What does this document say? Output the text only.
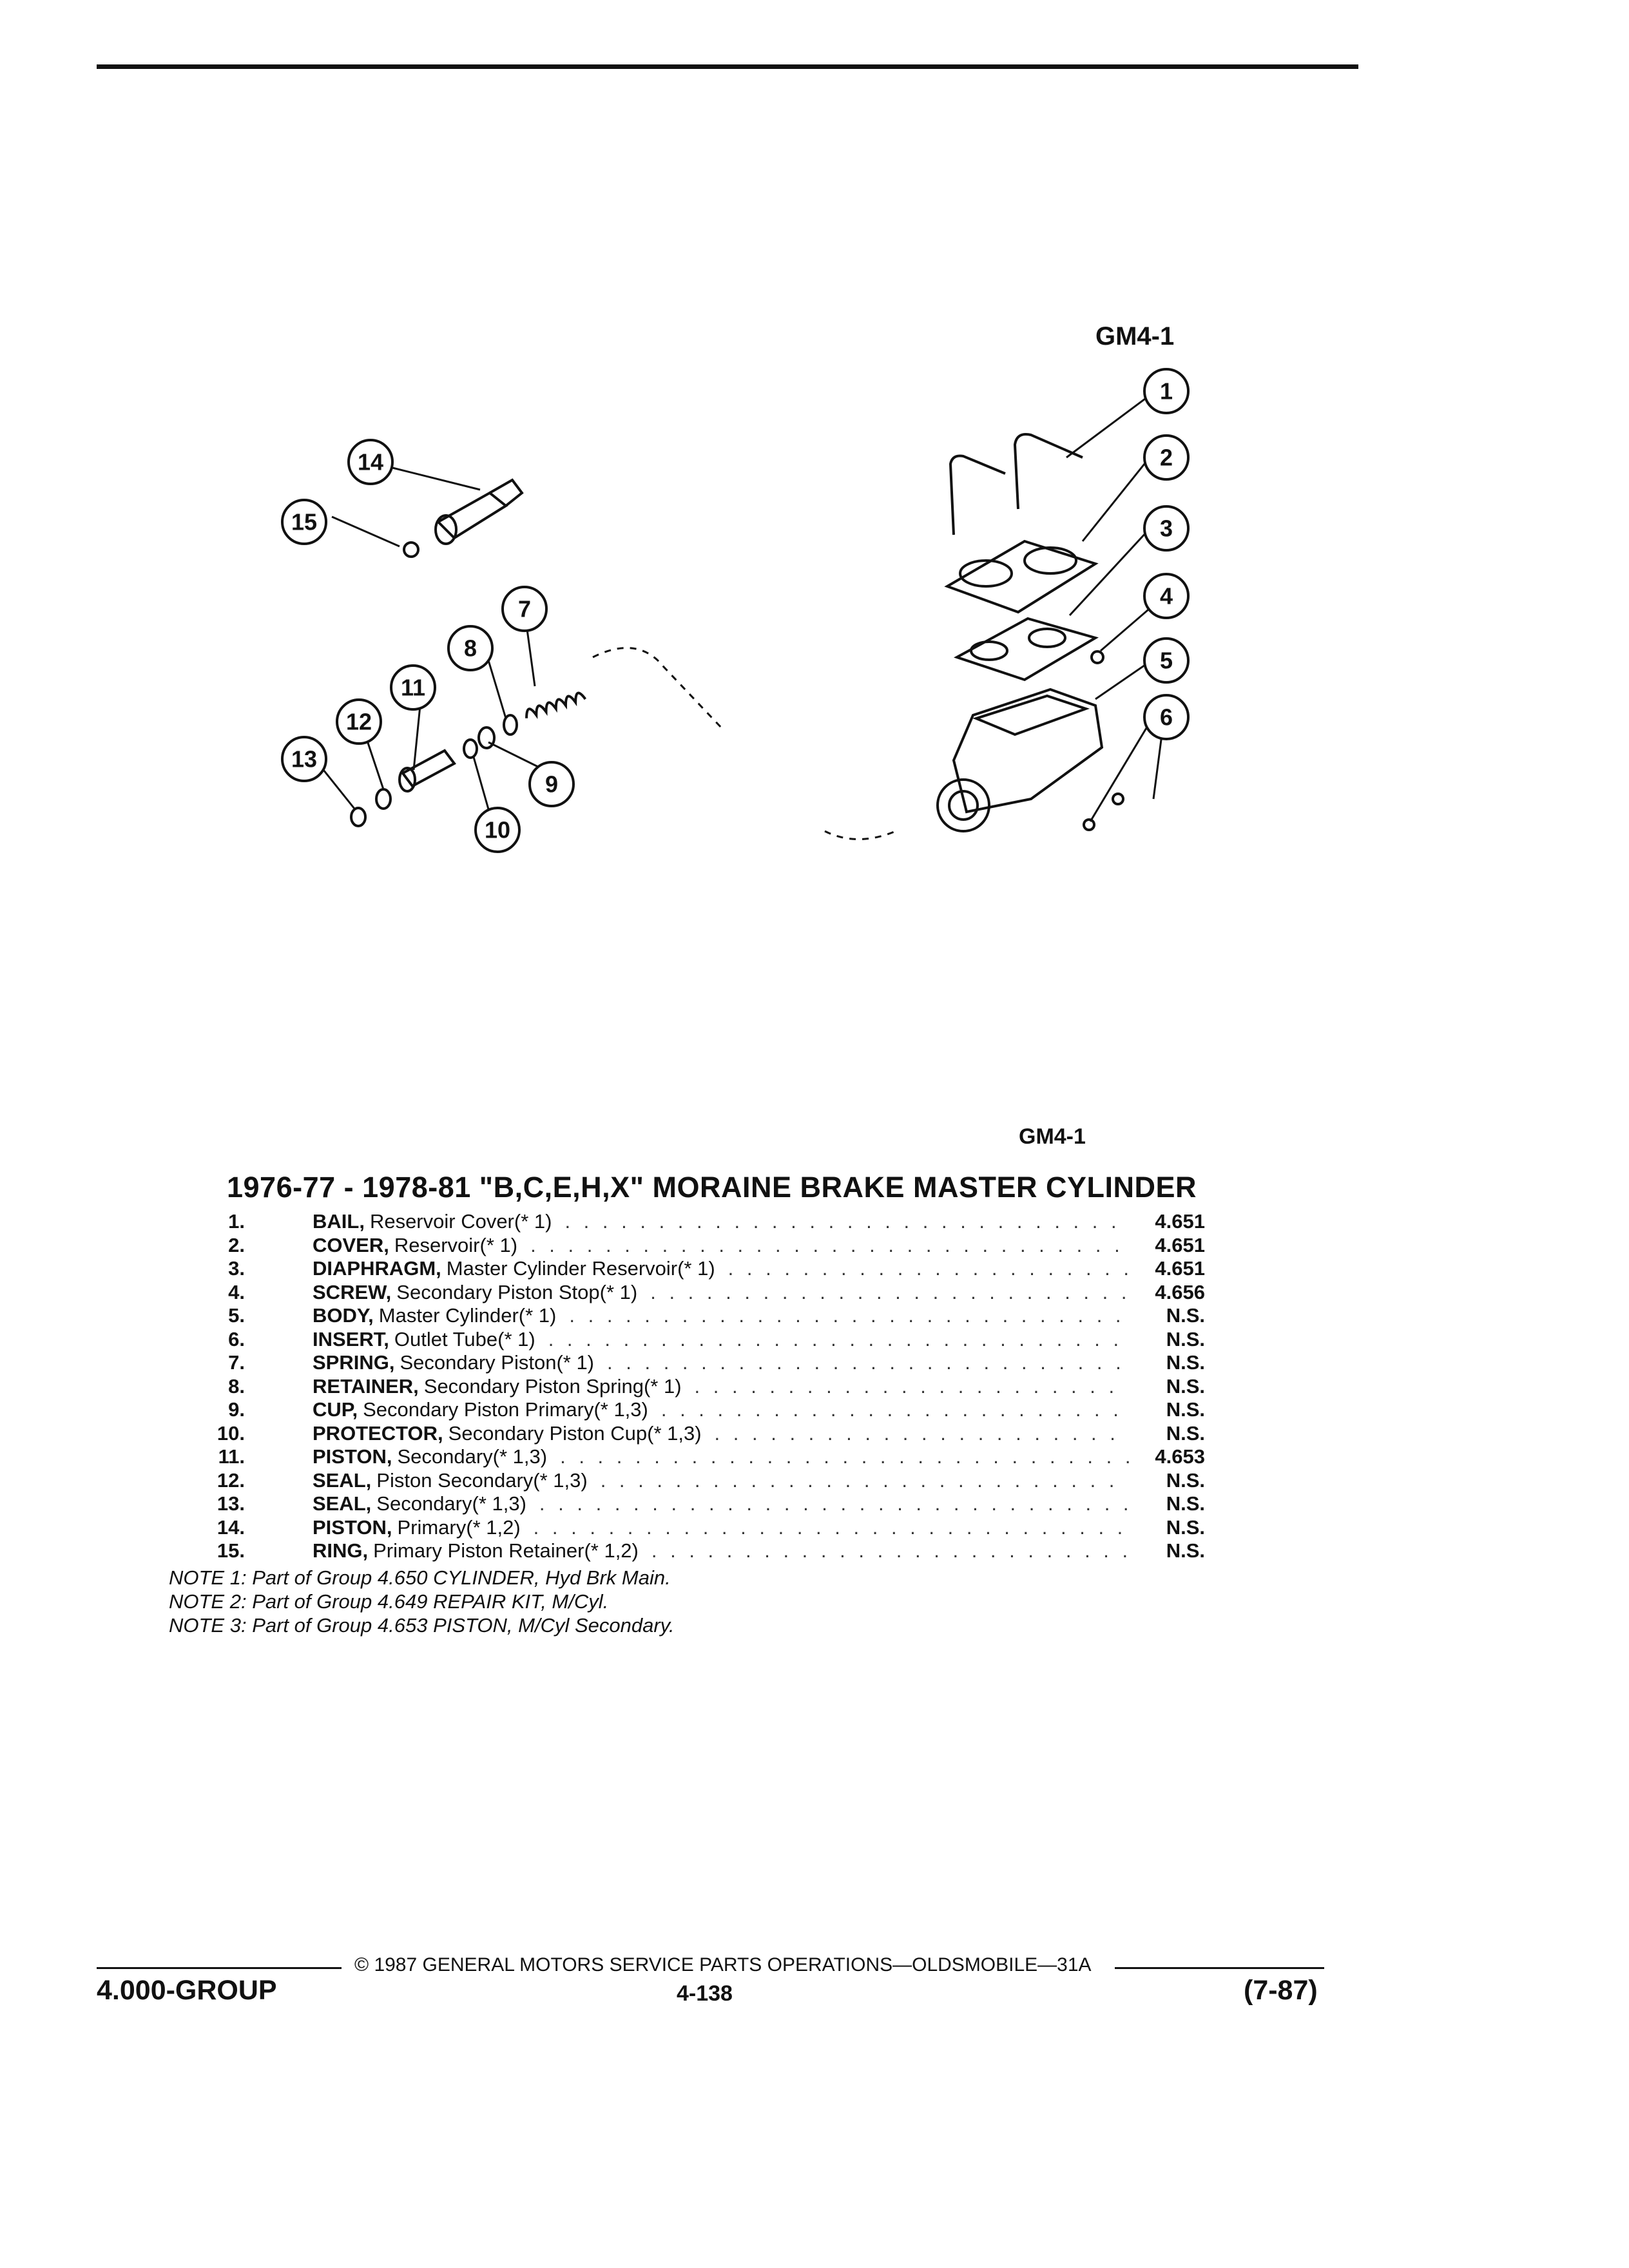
GM4-1
1
2
3
4
5
6
7
8
9
10
11
12
13
14
15
GM4-1
1976-77 - 1978-81 "B,C,E,H,X" MORAINE BRAKE MASTER CYLINDER
1.	BAIL, Reservoir Cover(* 1) . . .	4.651
2.	COVER, Reservoir(* 1) . . .	4.651
3.	DIAPHRAGM, Master Cylinder Reservoir(* 1) . . .	4.651
4.	SCREW, Secondary Piston Stop(* 1) . . .	4.656
5.	BODY, Master Cylinder(* 1) . . .	N.S.
6.	INSERT, Outlet Tube(* 1) . . .	N.S.
7.	SPRING, Secondary Piston(* 1) . . .	N.S.
8.	RETAINER, Secondary Piston Spring(* 1) . . .	N.S.
9.	CUP, Secondary Piston Primary(* 1,3) . . .	N.S.
10.	PROTECTOR, Secondary Piston Cup(* 1,3) . . .	N.S.
11.	PISTON, Secondary(* 1,3) . . .	4.653
12.	SEAL, Piston Secondary(* 1,3) . . .	N.S.
13.	SEAL, Secondary(* 1,3) . . .	N.S.
14.	PISTON, Primary(* 1,2) . . .	N.S.
15.	RING, Primary Piston Retainer(* 1,2) . . .	N.S.
NOTE 1: Part of Group 4.650 CYLINDER, Hyd Brk Main.
NOTE 2: Part of Group 4.649 REPAIR KIT, M/Cyl.
NOTE 3: Part of Group 4.653 PISTON, M/Cyl Secondary.
© 1987 GENERAL MOTORS SERVICE PARTS OPERATIONS—OLDSMOBILE—31A
4.000-GROUP	4-138	(7-87)
